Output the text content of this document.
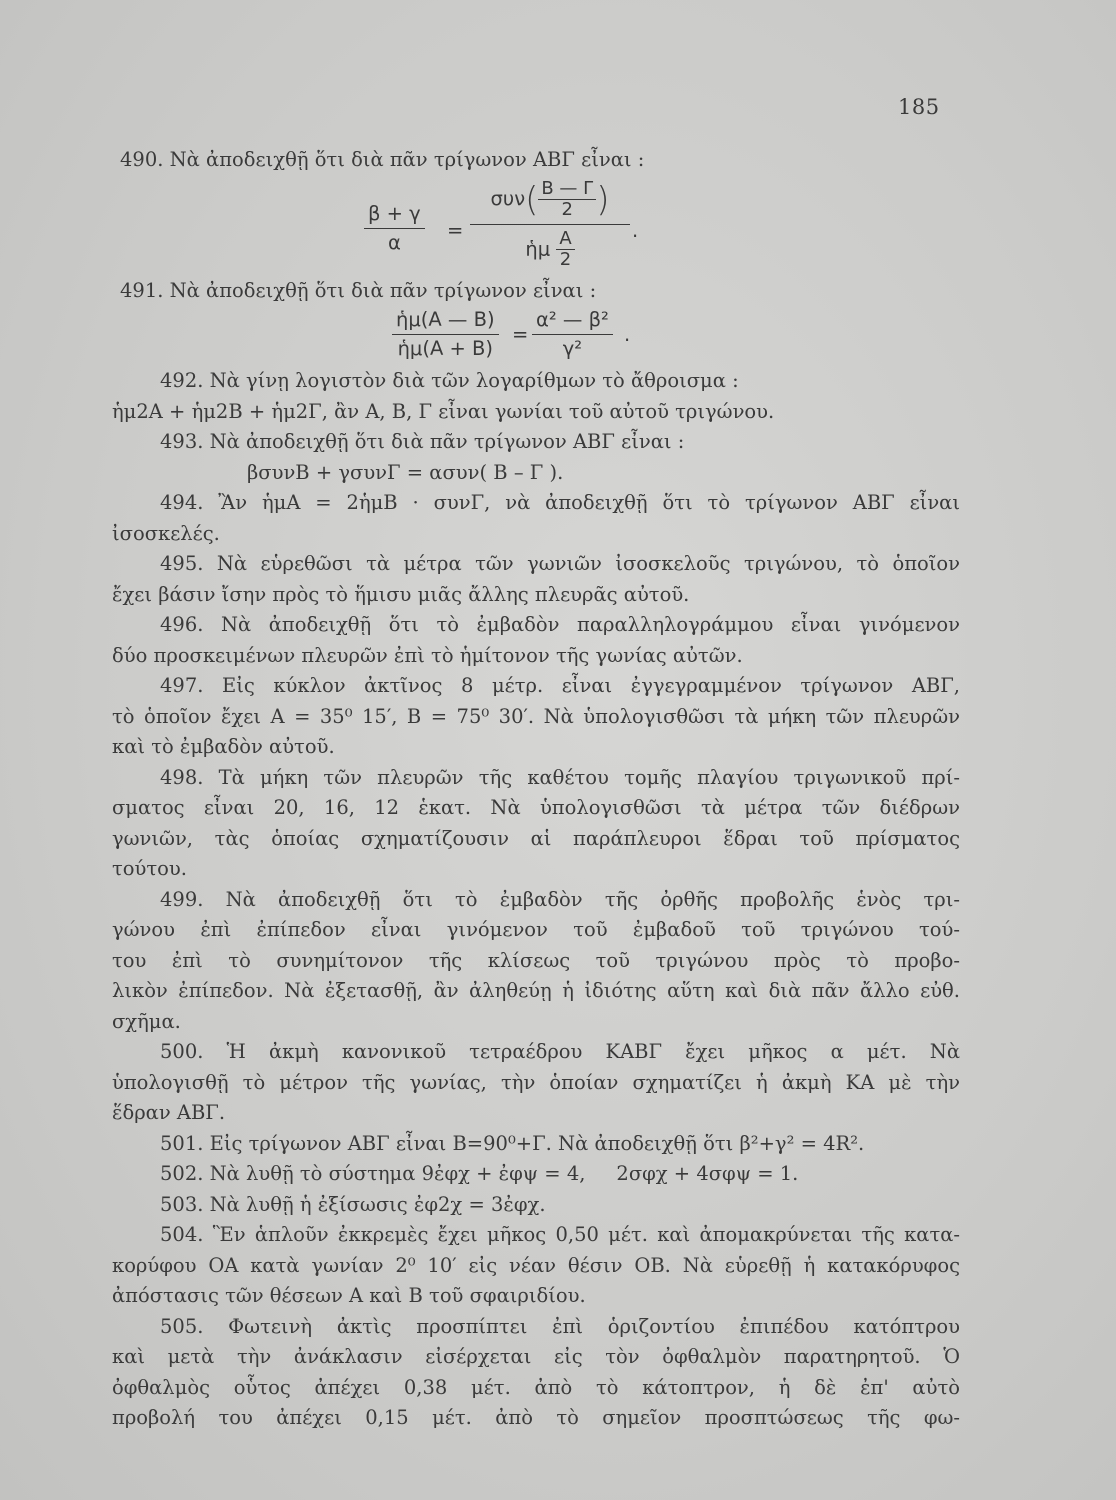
185
490. Νὰ ἀποδειχθῇ ὅτι διὰ πᾶν τρίγωνον ΑΒΓ εἶναι :
$\frac{\beta + \gamma}{\alpha}$ =
$\sigma\upsilon\nu( \frac{B — \Gamma}{2}$ )
ἡμ $\frac{A}{2}$	.
491. Νὰ ἀποδειχθῇ ὅτι διὰ πᾶν τρίγωνον εἶναι :
$\frac{\text{ἡμ(Α — Β)}}{\text{ἡμ(Α + Β)}} = \frac{\text{α² — β²}}{\text{γ²}}$ .
492. Νὰ γίνῃ λογιστὸν διὰ τῶν λογαρίθμων τὸ ἄθροισμα :
ἡμ2Α + ἡμ2Β + ἡμ2Γ, ἂν Α, Β, Γ εἶναι γωνίαι τοῦ αὐτοῦ τριγώνου.
493. Νὰ ἀποδειχθῇ ὅτι διὰ πᾶν τρίγωνον ΑΒΓ εἶναι :
βσυνΒ + γσυνΓ = ασυν( Β – Γ ).
494. Ἂν ἡμΑ = 2ἡμΒ · συνΓ, νὰ ἀποδειχθῇ ὅτι τὸ τρίγωνον ΑΒΓ εἶναι
ἰσοσκελές.
495. Νὰ εὑρεθῶσι τὰ μέτρα τῶν γωνιῶν ἰσοσκελοῦς τριγώνου, τὸ ὁποῖον
ἔχει βάσιν ἴσην πρὸς τὸ ἥμισυ μιᾶς ἄλλης πλευρᾶς αὐτοῦ.
496. Νὰ ἀποδειχθῇ ὅτι τὸ ἐμβαδὸν παραλληλογράμμου εἶναι γινόμενον
δύο προσκειμένων πλευρῶν ἐπὶ τὸ ἡμίτονον τῆς γωνίας αὐτῶν.
497. Εἰς κύκλον ἀκτῖνος 8 μέτρ. εἶναι ἐγγεγραμμένον τρίγωνον ΑΒΓ,
τὸ ὁποῖον ἔχει Α = 35⁰ 15′, Β = 75⁰ 30′. Νὰ ὑπολογισθῶσι τὰ μήκη τῶν πλευρῶν
καὶ τὸ ἐμβαδὸν αὐτοῦ.
498. Τὰ μήκη τῶν πλευρῶν τῆς καθέτου τομῆς πλαγίου τριγωνικοῦ πρί-
σματος εἶναι 20, 16, 12 ἑκατ. Νὰ ὑπολογισθῶσι τὰ μέτρα τῶν διέδρων
γωνιῶν, τὰς ὁποίας σχηματίζουσιν αἱ παράπλευροι ἕδραι τοῦ πρίσματος
τούτου.
499. Νὰ ἀποδειχθῇ ὅτι τὸ ἐμβαδὸν τῆς ὀρθῆς προβολῆς ἑνὸς τρι-
γώνου ἐπὶ ἐπίπεδον εἶναι γινόμενον τοῦ ἐμβαδοῦ τοῦ τριγώνου τού-
του ἐπὶ τὸ συνημίτονον τῆς κλίσεως τοῦ τριγώνου πρὸς τὸ προβο-
λικὸν ἐπίπεδον. Νὰ ἐξετασθῇ, ἂν ἀληθεύῃ ἡ ἰδιότης αὕτη καὶ διὰ πᾶν ἄλλο εὐθ.
σχῆμα.
500. Ἡ ἀκμὴ κανονικοῦ τετραέδρου ΚΑΒΓ ἔχει μῆκος α μέτ. Νὰ
ὑπολογισθῇ τὸ μέτρον τῆς γωνίας, τὴν ὁποίαν σχηματίζει ἡ ἀκμὴ ΚΑ μὲ τὴν
ἕδραν ΑΒΓ.
501. Εἰς τρίγωνον ΑΒΓ εἶναι Β=90⁰+Γ. Νὰ ἀποδειχθῇ ὅτι β²+γ² = 4R².
502. Νὰ λυθῇ τὸ σύστημα 9ἐφχ + ἐφψ = 4,     2σφχ + 4σφψ = 1.
503. Νὰ λυθῇ ἡ ἐξίσωσις ἐφ2χ = 3ἐφχ.
504. Ἓν ἁπλοῦν ἐκκρεμὲς ἔχει μῆκος 0,50 μέτ. καὶ ἀπομακρύνεται τῆς κατα-
κορύφου ΟΑ κατὰ γωνίαν 2⁰ 10′ εἰς νέαν θέσιν ΟΒ. Νὰ εὑρεθῇ ἡ κατακόρυφος
ἀπόστασις τῶν θέσεων Α καὶ Β τοῦ σφαιριδίου.
505. Φωτεινὴ ἀκτὶς προσπίπτει ἐπὶ ὁριζοντίου ἐπιπέδου κατόπτρου
καὶ μετὰ τὴν ἀνάκλασιν εἰσέρχεται εἰς τὸν ὀφθαλμὸν παρατηρητοῦ. Ὁ
ὀφθαλμὸς οὗτος ἀπέχει 0,38 μέτ. ἀπὸ τὸ κάτοπτρον, ἡ δὲ ἐπ' αὐτὸ
προβολή του ἀπέχει 0,15 μέτ. ἀπὸ τὸ σημεῖον προσπτώσεως τῆς φω-
